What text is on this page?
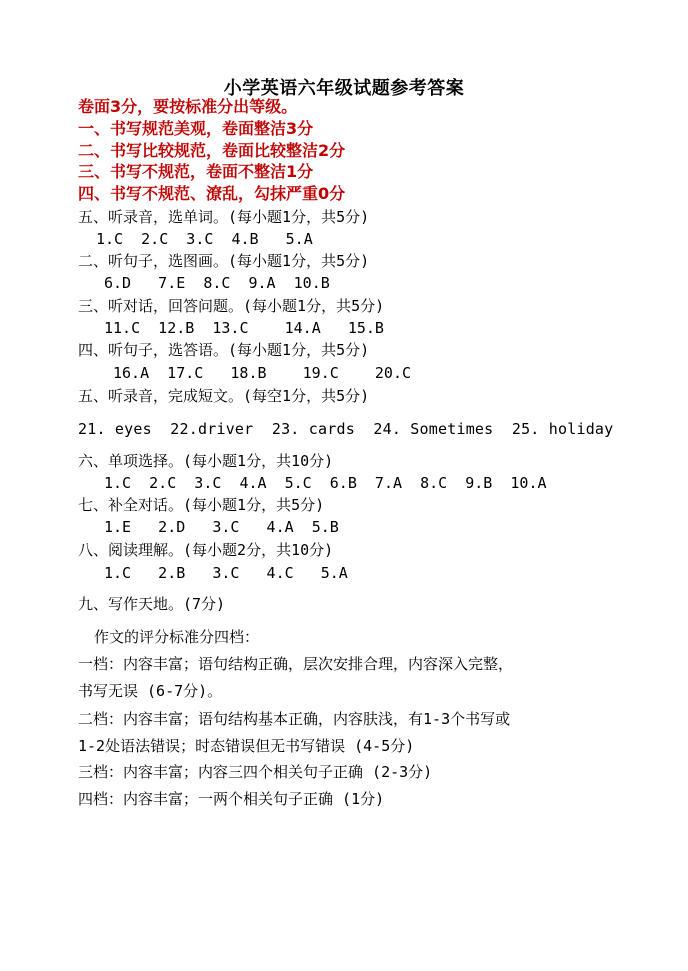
小学英语六年级试题参考答案
卷面3分，要按标准分出等级。
一、书写规范美观，卷面整洁3分
二、书写比较规范，卷面比较整洁2分
三、书写不规范，卷面不整洁1分
四、书写不规范、潦乱，勾抹严重0分
五、听录音，选单词。(每小题1分，共5分)
1.C  2.C  3.C  4.B   5.A
二、听句子，选图画。(每小题1分，共5分)
6.D   7.E  8.C  9.A  10.B
三、听对话，回答问题。(每小题1分，共5分)
11.C  12.B  13.C    14.A   15.B
四、听句子，选答语。(每小题1分，共5分)
16.A  17.C   18.B    19.C    20.C
五、听录音，完成短文。(每空1分，共5分)
21. eyes  22.driver  23. cards  24. Sometimes  25. holiday
六、单项选择。(每小题1分，共10分)
1.C  2.C  3.C  4.A  5.C  6.B  7.A  8.C  9.B  10.A
七、补全对话。(每小题1分，共5分)
1.E   2.D   3.C   4.A  5.B
八、阅读理解。(每小题2分，共10分)
1.C   2.B   3.C   4.C   5.A
九、写作天地。(7分)
作文的评分标准分四档：
一档：内容丰富；语句结构正确，层次安排合理，内容深入完整，
书写无误 (6-7分)。
二档：内容丰富；语句结构基本正确，内容肤浅，有1-3个书写或
1-2处语法错误；时态错误但无书写错误 (4-5分)
三档：内容丰富；内容三四个相关句子正确 (2-3分)
四档：内容丰富；一两个相关句子正确 (1分)
